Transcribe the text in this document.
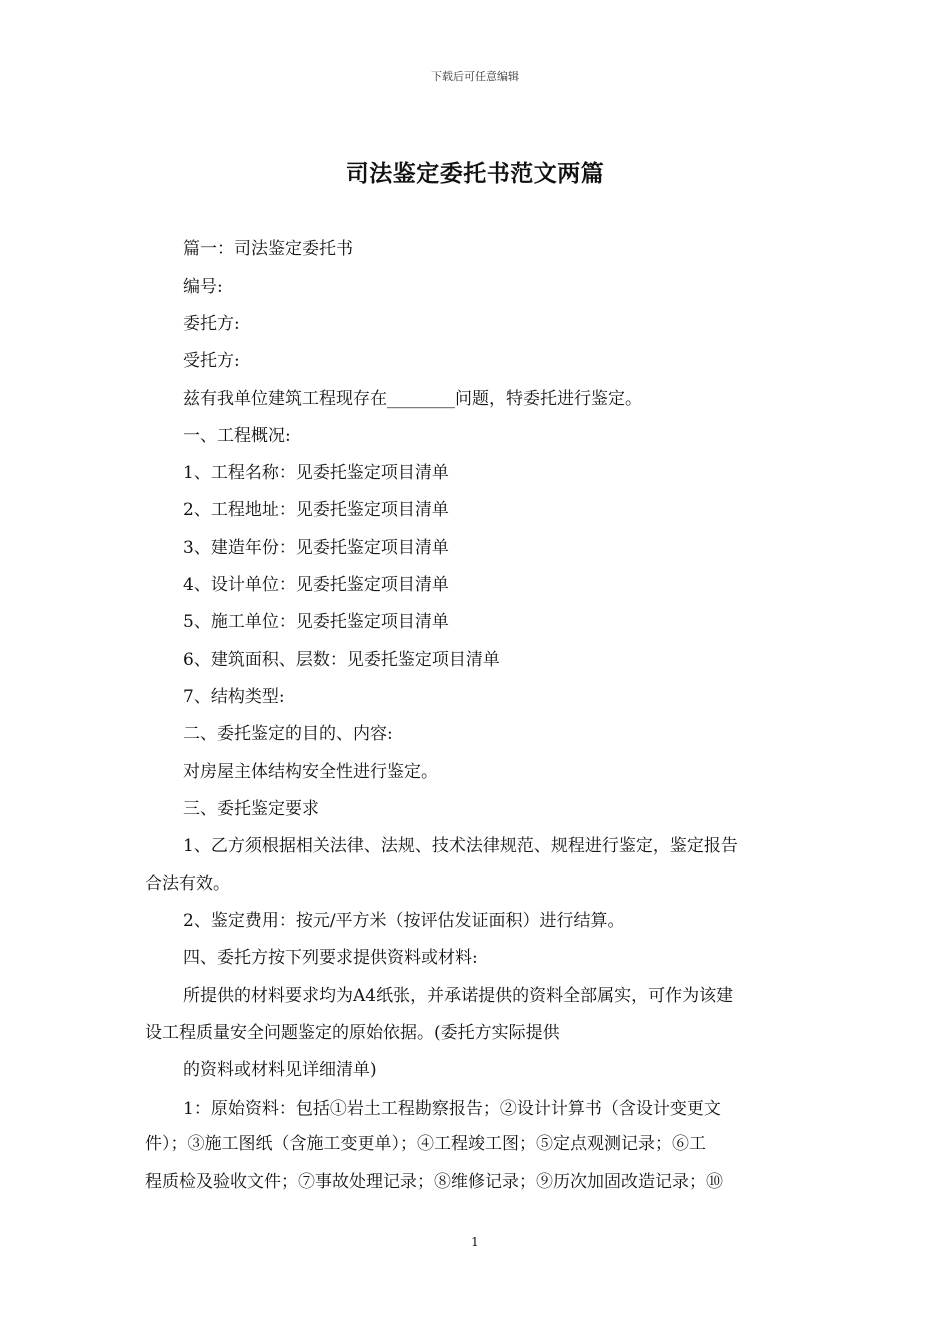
下载后可任意编辑
司法鉴定委托书范文两篇
篇一：司法鉴定委托书
编号:
委托方:
受托方:
兹有我单位建筑工程现存在________问题，特委托进行鉴定。
一、工程概况:
1、工程名称：见委托鉴定项目清单
2、工程地址：见委托鉴定项目清单
3、建造年份：见委托鉴定项目清单
4、设计单位：见委托鉴定项目清单
5、施工单位：见委托鉴定项目清单
6、建筑面积、层数：见委托鉴定项目清单
7、结构类型:
二、委托鉴定的目的、内容:
对房屋主体结构安全性进行鉴定。
三、委托鉴定要求
1、乙方须根据相关法律、法规、技术法律规范、规程进行鉴定，鉴定报告
合法有效。
2、鉴定费用：按元/平方米（按评估发证面积）进行结算。
四、委托方按下列要求提供资料或材料:
所提供的材料要求均为A4纸张，并承诺提供的资料全部属实，可作为该建
设工程质量安全问题鉴定的原始依据。(委托方实际提供
的资料或材料见详细清单)
1：原始资料：包括①岩土工程勘察报告；②设计计算书（含设计变更文
件）；③施工图纸（含施工变更单）；④工程竣工图；⑤定点观测记录；⑥工
程质检及验收文件；⑦事故处理记录；⑧维修记录；⑨历次加固改造记录；⑩
1
